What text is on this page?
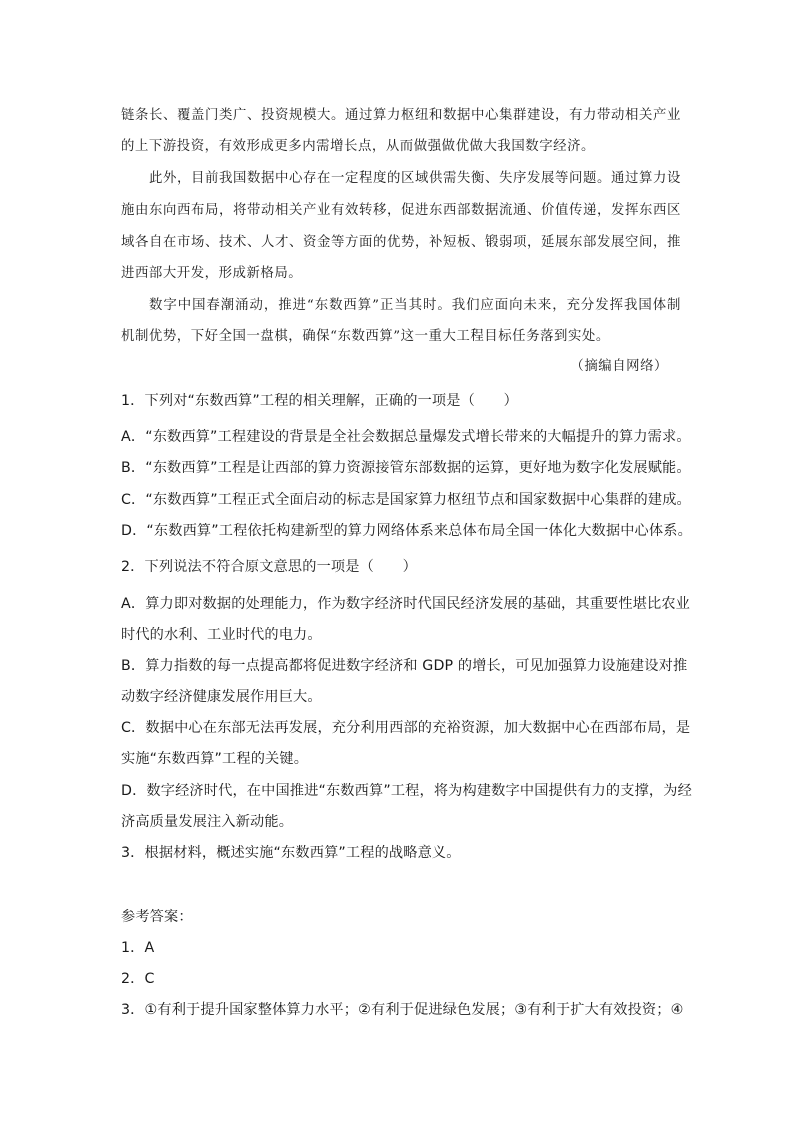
链条长、覆盖门类广、投资规模大。通过算力枢纽和数据中心集群建设，有力带动相关产业
的上下游投资，有效形成更多内需增长点，从而做强做优做大我国数字经济。
此外，目前我国数据中心存在一定程度的区域供需失衡、失序发展等问题。通过算力设
施由东向西布局，将带动相关产业有效转移，促进东西部数据流通、价值传递，发挥东西区
域各自在市场、技术、人才、资金等方面的优势，补短板、锻弱项，延展东部发展空间，推
进西部大开发，形成新格局。
数字中国春潮涌动，推进“东数西算”正当其时。我们应面向未来，充分发挥我国体制
机制优势，下好全国一盘棋，确保“东数西算”这一重大工程目标任务落到实处。
（摘编自网络）
1．下列对“东数西算”工程的相关理解，正确的一项是（　　）
A．“东数西算”工程建设的背景是全社会数据总量爆发式增长带来的大幅提升的算力需求。
B．“东数西算”工程是让西部的算力资源接管东部数据的运算，更好地为数字化发展赋能。
C．“东数西算”工程正式全面启动的标志是国家算力枢纽节点和国家数据中心集群的建成。
D．“东数西算”工程依托构建新型的算力网络体系来总体布局全国一体化大数据中心体系。
2．下列说法不符合原文意思的一项是（　　）
A．算力即对数据的处理能力，作为数字经济时代国民经济发展的基础，其重要性堪比农业
时代的水利、工业时代的电力。
B．算力指数的每一点提高都将促进数字经济和 GDP 的增长，可见加强算力设施建设对推
动数字经济健康发展作用巨大。
C．数据中心在东部无法再发展，充分利用西部的充裕资源，加大数据中心在西部布局，是
实施“东数西算”工程的关键。
D．数字经济时代，在中国推进“东数西算”工程，将为构建数字中国提供有力的支撑，为经
济高质量发展注入新动能。
3．根据材料，概述实施“东数西算”工程的战略意义。
参考答案：
1．A
2．C
3．①有利于提升国家整体算力水平；②有利于促进绿色发展；③有利于扩大有效投资；④
